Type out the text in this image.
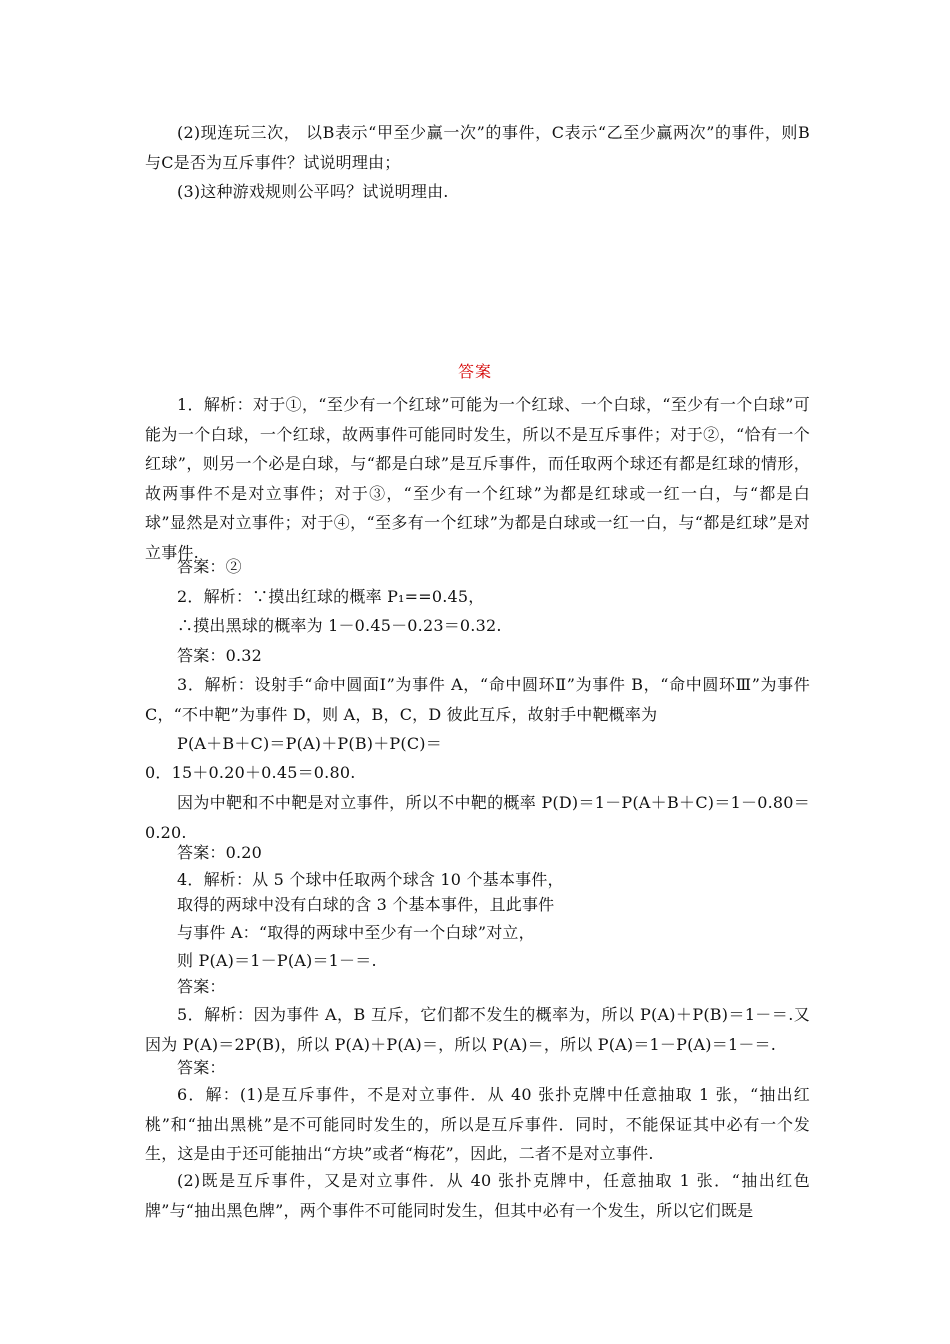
(2)现连玩三次， 以B表示“甲至少赢一次”的事件，C表示“乙至少赢两次”的事件，则B与C是否为互斥事件？试说明理由；

(3)这种游戏规则公平吗？试说明理由.

答案

1．解析：对于①，“至少有一个红球”可能为一个红球、一个白球，“至少有一个白球”可能为一个白球，一个红球，故两事件可能同时发生，所以不是互斥事件；对于②，“恰有一个红球”，则另一个必是白球，与“都是白球”是互斥事件，而任取两个球还有都是红球的情形，故两事件不是对立事件；对于③，“至少有一个红球”为都是红球或一红一白，与“都是白球”显然是对立事件；对于④，“至多有一个红球”为都是白球或一红一白，与“都是红球”是对立事件.

答案：②

2．解析：∵摸出红球的概率 P₁==0.45，

∴摸出黑球的概率为 1－0.45－0.23＝0.32.

答案：0.32

3．解析：设射手“命中圆面Ⅰ”为事件 A，“命中圆环Ⅱ”为事件 B，“命中圆环Ⅲ”为事件 C，“不中靶”为事件 D，则 A，B，C，D 彼此互斥，故射手中靶概率为

P(A＋B＋C)＝P(A)＋P(B)＋P(C)＝

0．15＋0.20＋0.45＝0.80.

因为中靶和不中靶是对立事件，所以不中靶的概率 P(D)＝1－P(A＋B＋C)＝1－0.80＝0.20.

答案：0.20

4．解析：从 5 个球中任取两个球含 10 个基本事件，

取得的两球中没有白球的含 3 个基本事件，且此事件

与事件 A：“取得的两球中至少有一个白球”对立，

则 P(A)＝1－P(A)＝1－＝.

答案：

5．解析：因为事件 A，B 互斥，它们都不发生的概率为，所以 P(A)＋P(B)＝1－＝.又因为 P(A)＝2P(B)，所以 P(A)＋P(A)＝，所以 P(A)＝，所以 P(A)＝1－P(A)＝1－＝.

答案：

6．解：(1)是互斥事件，不是对立事件．从 40 张扑克牌中任意抽取 1 张，“抽出红桃”和“抽出黑桃”是不可能同时发生的，所以是互斥事件．同时，不能保证其中必有一个发生，这是由于还可能抽出“方块”或者“梅花”，因此，二者不是对立事件.

(2)既是互斥事件，又是对立事件．从 40 张扑克牌中，任意抽取 1 张．“抽出红色牌”与“抽出黑色牌”，两个事件不可能同时发生，但其中必有一个发生，所以它们既是
